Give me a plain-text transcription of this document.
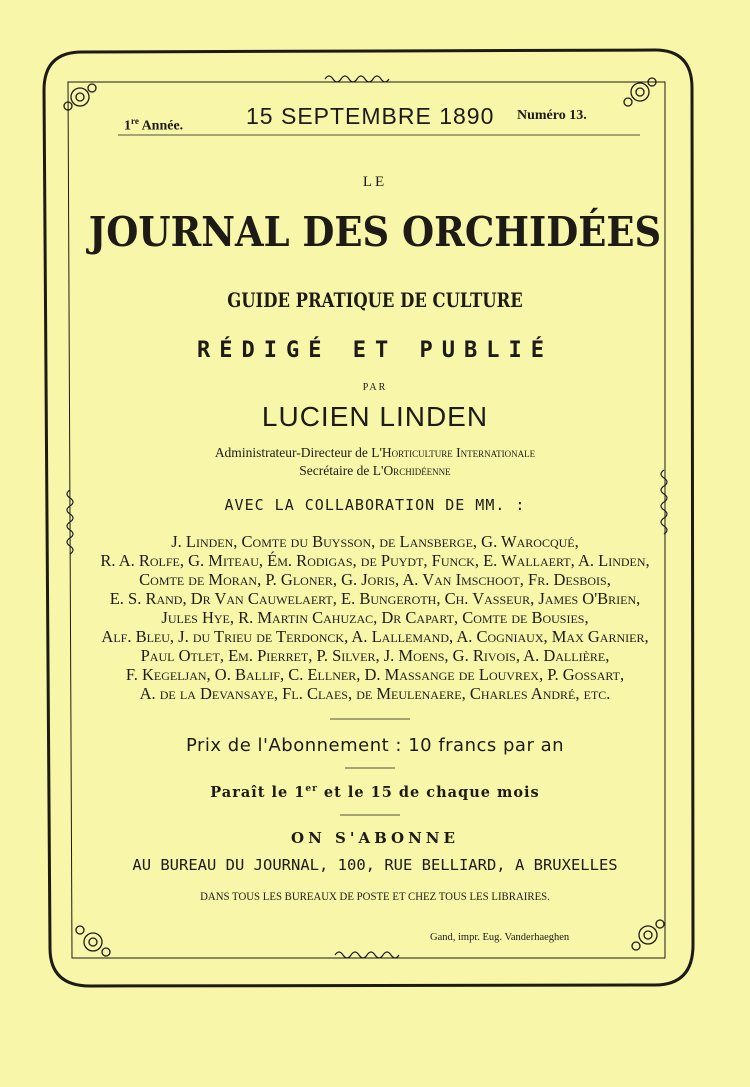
1re Année.	15 SEPTEMBRE 1890 Numéro 13.
LE
JOURNAL DES ORCHIDÉES
GUIDE PRATIQUE DE CULTURE
RÉDIGÉ ET PUBLIÉ
PAR
LUCIEN LINDEN
Administrateur-Directeur de L'Horticulture Internationale
Secrétaire de L'Orchidéenne
AVEC LA COLLABORATION DE MM. :
J. Linden, Comte du Buysson, de Lansberge, G. Warocqué,
R. A. Rolfe, G. Miteau, Ém. Rodigas, de Puydt, Funck, E. Wallaert, A. Linden,
Comte de Moran, P. Gloner, G. Joris, A. Van Imschoot, Fr. Desbois,
E. S. Rand, Dr Van Cauwelaert, E. Bungeroth, Ch. Vasseur, James O'Brien,
Jules Hye, R. Martin Cahuzac, Dr Capart, Comte de Bousies,
Alf. Bleu, J. du Trieu de Terdonck, A. Lallemand, A. Cogniaux, Max Garnier,
Paul Otlet, Em. Pierret, P. Silver, J. Moens, G. Rivois, A. Dallière,
F. Kegeljan, O. Ballif, C. Ellner, D. Massange de Louvrex, P. Gossart,
A. de la Devansaye, Fl. Claes, de Meulenaere, Charles André, etc.
Prix de l'Abonnement : 10 francs par an
Paraît le 1er et le 15 de chaque mois
ON S'ABONNE
AU BUREAU DU JOURNAL, 100, RUE BELLIARD, A BRUXELLES
DANS TOUS LES BUREAUX DE POSTE ET CHEZ TOUS LES LIBRAIRES.
Gand, impr. Eug. Vanderhaeghen
